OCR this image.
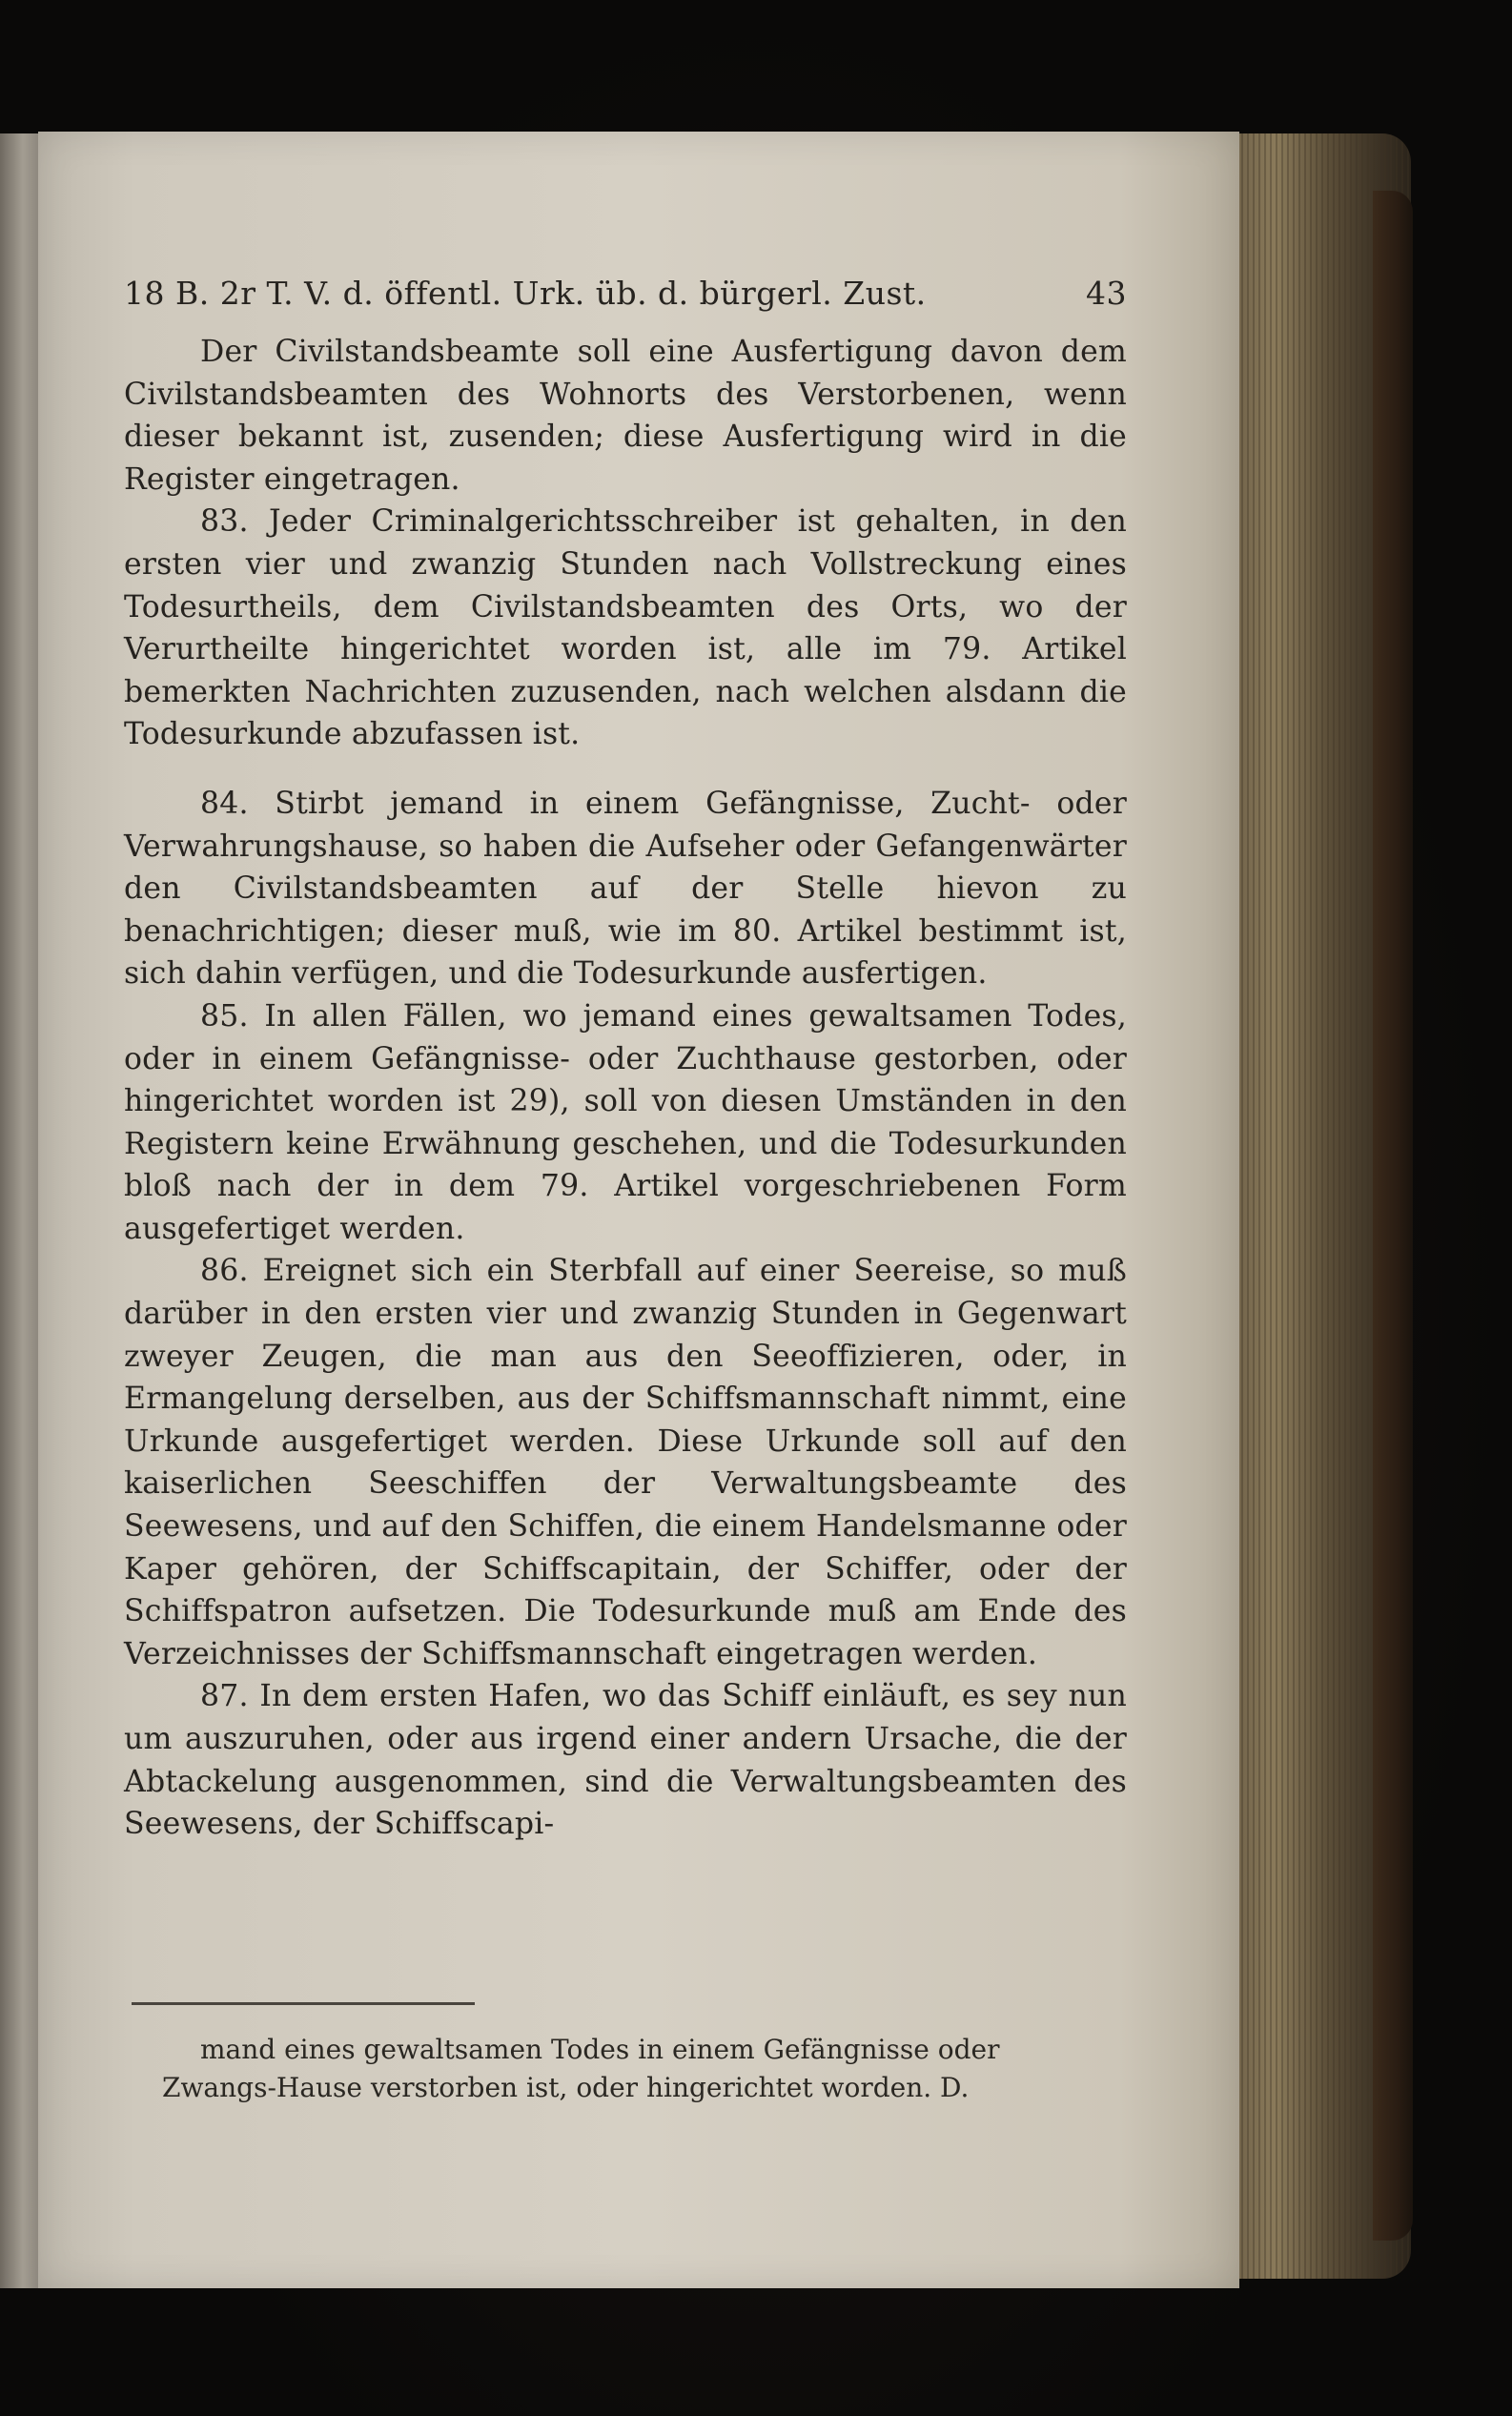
18 B. 2r T. V. d. öffentl. Urk. üb. d. bürgerl. Zust.	43

Der Civilstandsbeamte soll eine Ausfertigung davon dem Civilstandsbeamten des Wohnorts des Verstorbenen, wenn dieser bekannt ist, zusenden; diese Ausfertigung wird in die Register eingetragen.

83. Jeder Criminalgerichtsschreiber ist gehalten, in den ersten vier und zwanzig Stunden nach Vollstreckung eines Todesurtheils, dem Civilstandsbeamten des Orts, wo der Verurtheilte hingerichtet worden ist, alle im 79. Artikel bemerkten Nachrichten zuzusenden, nach welchen alsdann die Todesurkunde abzufassen ist.

84. Stirbt jemand in einem Gefängnisse, Zucht- oder Verwahrungshause, so haben die Aufseher oder Gefangenwärter den Civilstandsbeamten auf der Stelle hievon zu benachrichtigen; dieser muß, wie im 80. Artikel bestimmt ist, sich dahin verfügen, und die Todesurkunde ausfertigen.

85. In allen Fällen, wo jemand eines gewaltsamen Todes, oder in einem Gefängnisse- oder Zuchthause gestorben, oder hingerichtet worden ist 29), soll von diesen Umständen in den Registern keine Erwähnung geschehen, und die Todesurkunden bloß nach der in dem 79. Artikel vorgeschriebenen Form ausgefertiget werden.

86. Ereignet sich ein Sterbfall auf einer Seereise, so muß darüber in den ersten vier und zwanzig Stunden in Gegenwart zweyer Zeugen, die man aus den Seeoffizieren, oder, in Ermangelung derselben, aus der Schiffsmannschaft nimmt, eine Urkunde ausgefertiget werden. Diese Urkunde soll auf den kaiserlichen Seeschiffen der Verwaltungsbeamte des Seewesens, und auf den Schiffen, die einem Handelsmanne oder Kaper gehören, der Schiffscapitain, der Schiffer, oder der Schiffspatron aufsetzen. Die Todesurkunde muß am Ende des Verzeichnisses der Schiffsmannschaft eingetragen werden.

87. In dem ersten Hafen, wo das Schiff einläuft, es sey nun um auszuruhen, oder aus irgend einer andern Ursache, die der Abtackelung ausgenommen, sind die Verwaltungsbeamten des Seewesens, der Schiffscapi-

mand eines gewaltsamen Todes in einem Gefängnisse oder Zwangs-Hause verstorben ist, oder hingerichtet worden. D.
